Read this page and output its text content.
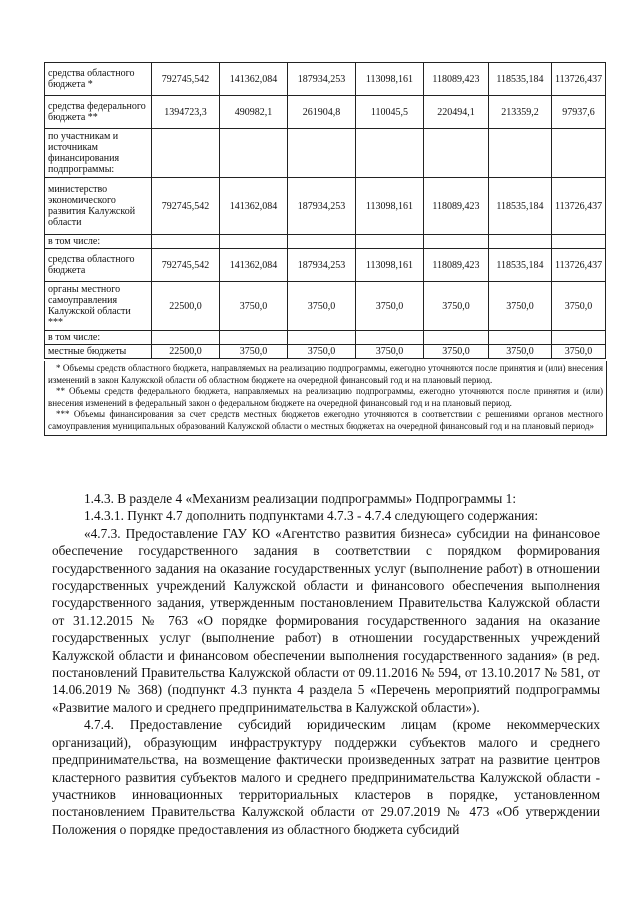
средства областного бюджета *	792745,542	141362,084	187934,253	113098,161	118089,423	118535,184	113726,437
средства федерального бюджета **	1394723,3	490982,1	261904,8	110045,5	220494,1	213359,2	97937,6
по участникам и источникам финансирования подпрограммы:							
министерство экономического развития Калужской области	792745,542	141362,084	187934,253	113098,161	118089,423	118535,184	113726,437
в том числе:							
средства областного бюджета	792745,542	141362,084	187934,253	113098,161	118089,423	118535,184	113726,437
органы местного самоуправления Калужской области ***	22500,0	3750,0	3750,0	3750,0	3750,0	3750,0	3750,0
в том числе:							
местные бюджеты	22500,0	3750,0	3750,0	3750,0	3750,0	3750,0	3750,0

* Объемы средств областного бюджета, направляемых на реализацию подпрограммы, ежегодно уточняются после принятия и (или) внесения изменений в закон Калужской области об областном бюджете на очередной финансовый год и на плановый период.

** Объемы средств федерального бюджета, направляемых на реализацию подпрограммы, ежегодно уточняются после принятия и (или) внесения изменений в федеральный закон о федеральном бюджете на очередной финансовый год и на плановый период.

*** Объемы финансирования за счет средств местных бюджетов ежегодно уточняются в соответствии с решениями органов местного самоуправления муниципальных образований Калужской области о местных бюджетах на очередной финансовый год и на плановый период»

1.4.3. В разделе 4 «Механизм реализации подпрограммы» Подпрограммы 1:

1.4.3.1. Пункт 4.7 дополнить подпунктами 4.7.3 - 4.7.4 следующего содержания:

«4.7.3. Предоставление ГАУ КО «Агентство развития бизнеса» субсидии на финансовое обеспечение государственного задания в соответствии с порядком формирования государственного задания на оказание государственных услуг (выполнение работ) в отношении государственных учреждений Калужской области и финансового обеспечения выполнения государственного задания, утвержденным постановлением Правительства Калужской области от 31.12.2015 № 763 «О порядке формирования государственного задания на оказание государственных услуг (выполнение работ) в отношении государственных учреждений Калужской области и финансовом обеспечении выполнения государственного задания» (в ред. постановлений Правительства Калужской области от 09.11.2016 № 594, от 13.10.2017 № 581, от 14.06.2019 № 368) (подпункт 4.3 пункта 4 раздела 5 «Перечень мероприятий подпрограммы «Развитие малого и среднего предпринимательства в Калужской области»).

4.7.4. Предоставление субсидий юридическим лицам (кроме некоммерческих организаций), образующим инфраструктуру поддержки субъектов малого и среднего предпринимательства, на возмещение фактически произведенных затрат на развитие центров кластерного развития субъектов малого и среднего предпринимательства Калужской области - участников инновационных территориальных кластеров в порядке, установленном постановлением Правительства Калужской области от 29.07.2019 № 473 «Об утверждении Положения о порядке предоставления из областного бюджета субсидий
